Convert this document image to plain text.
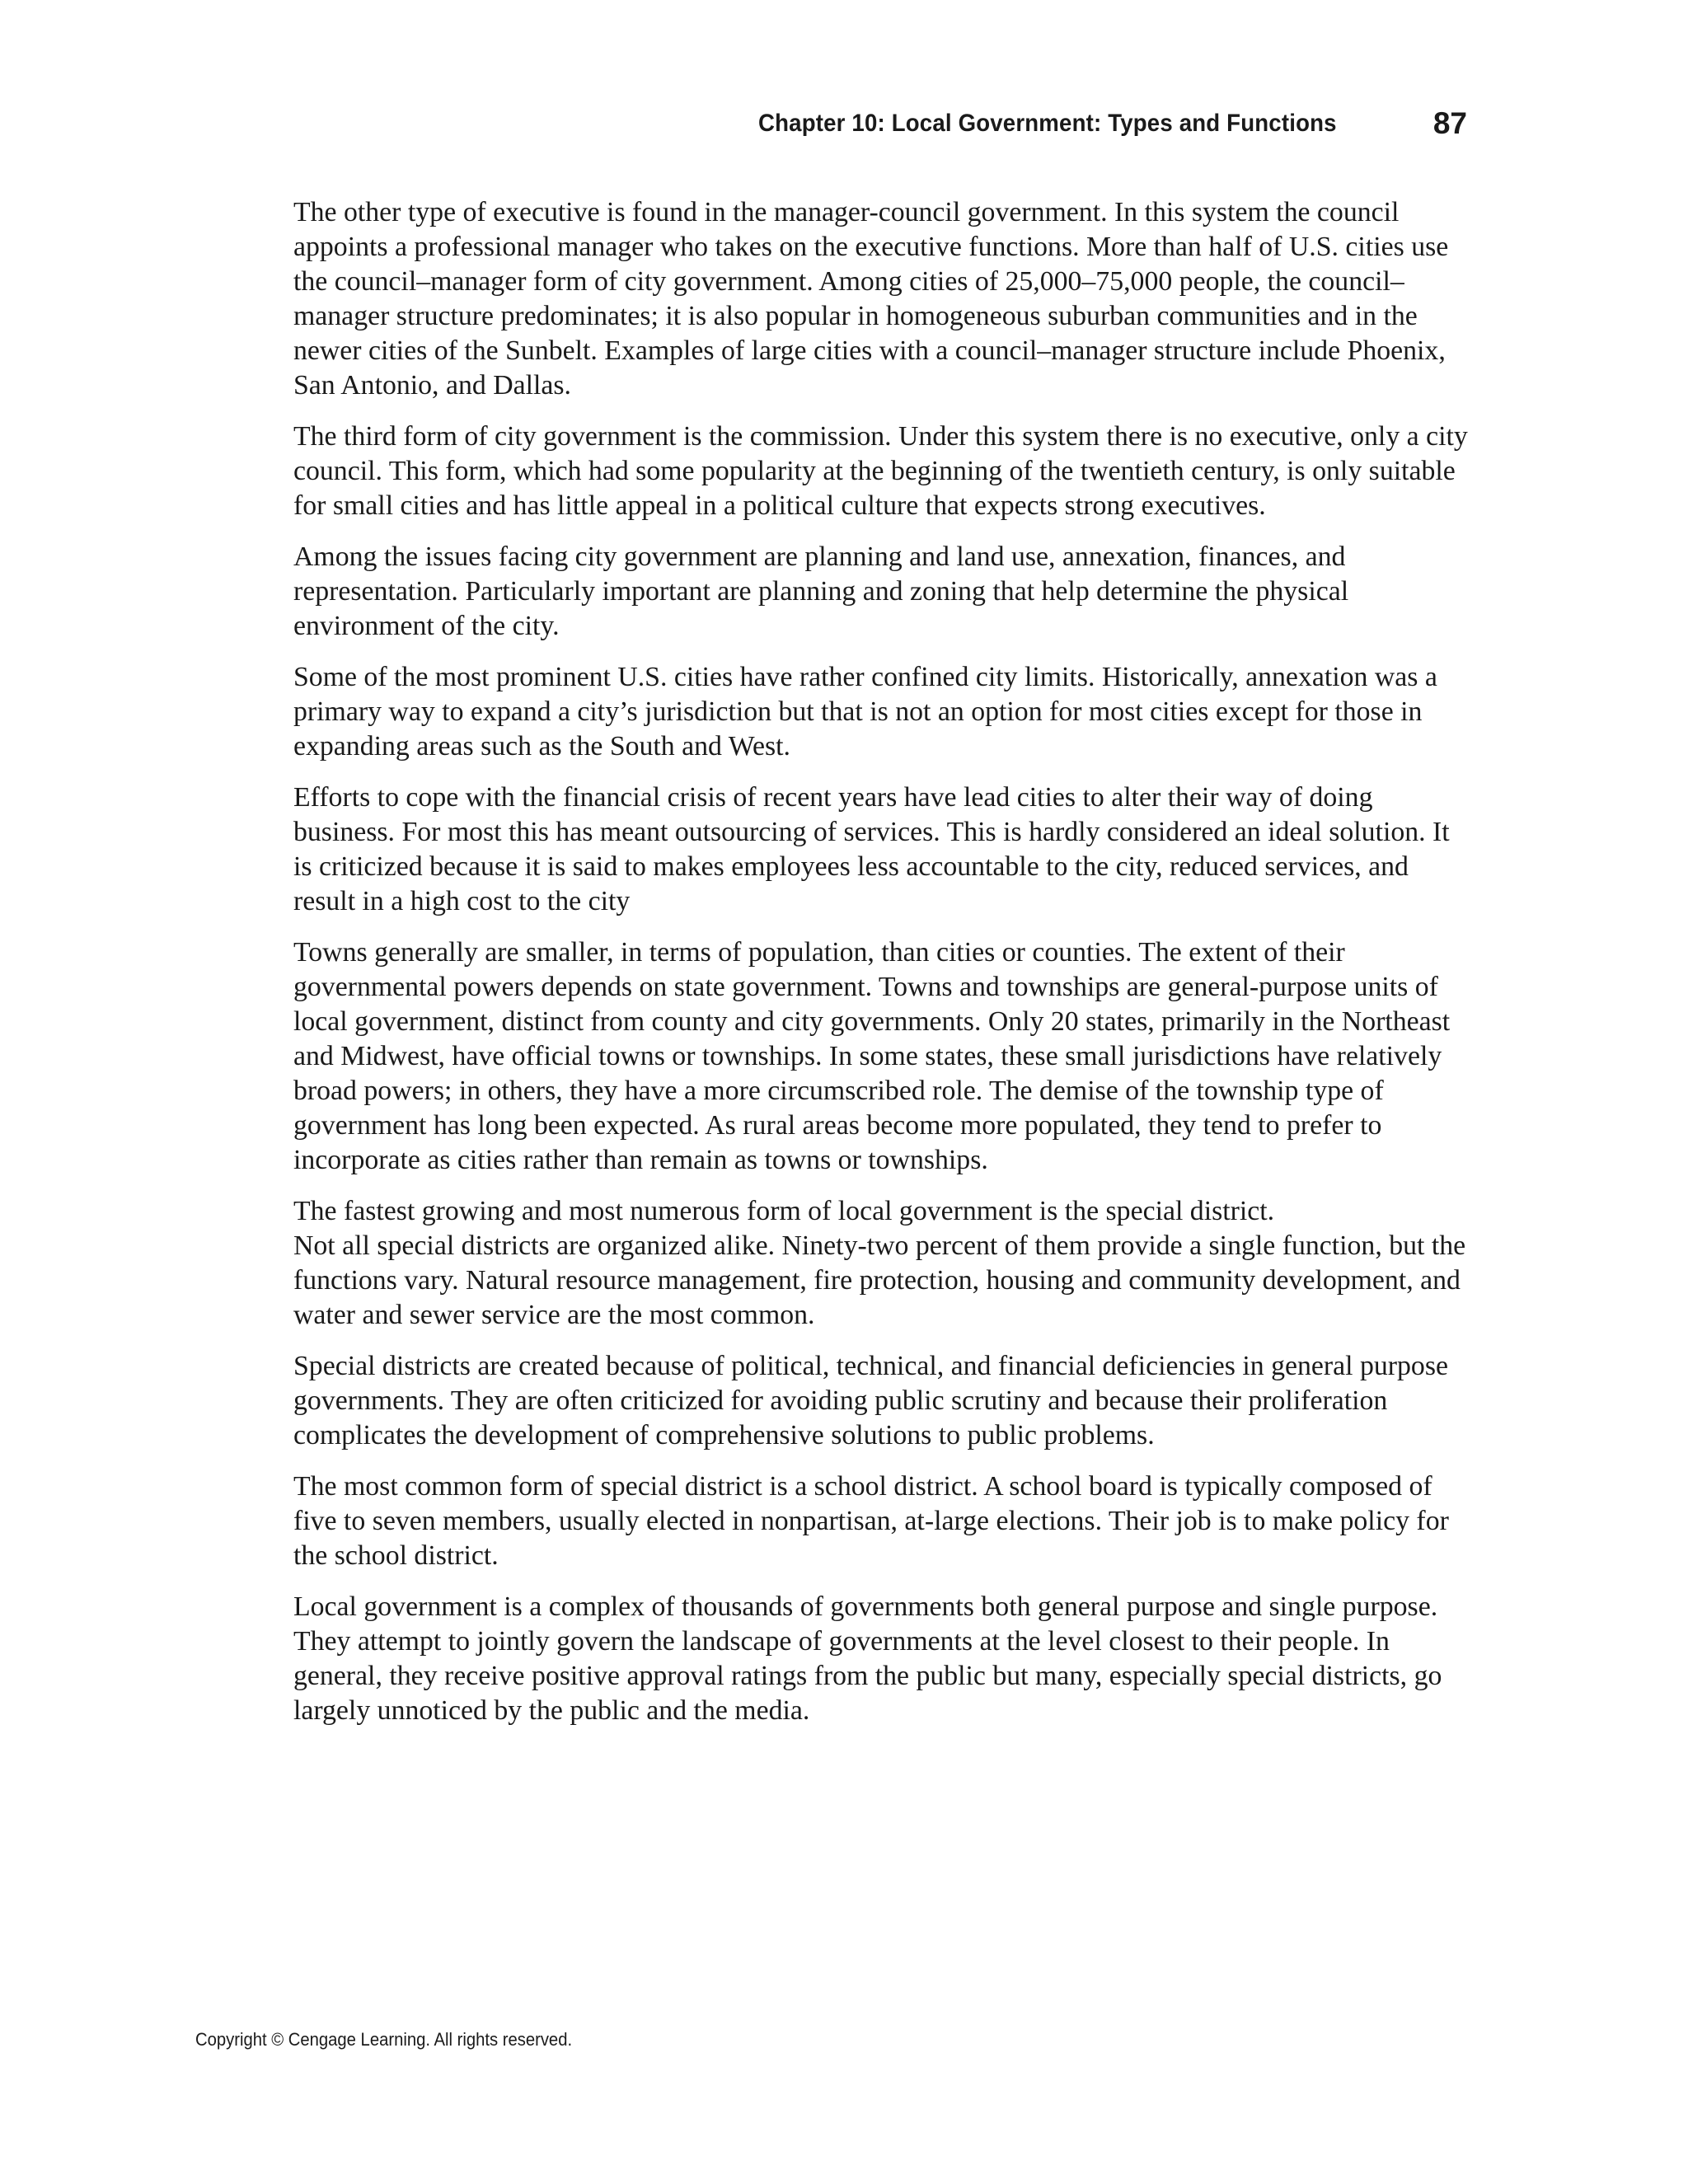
Chapter 10: Local Government: Types and Functions	87

The other type of executive is found in the manager-council government. In this system the council appoints a professional manager who takes on the executive functions. More than half of U.S. cities use the council–manager form of city government. Among cities of 25,000–75,000 people, the council–manager structure predominates; it is also popular in homogeneous suburban communities and in the newer cities of the Sunbelt. Examples of large cities with a council–manager structure include Phoenix, San Antonio, and Dallas.

The third form of city government is the commission. Under this system there is no executive, only a city council. This form, which had some popularity at the beginning of the twentieth century, is only suitable for small cities and has little appeal in a political culture that expects strong executives.

Among the issues facing city government are planning and land use, annexation, finances, and representation. Particularly important are planning and zoning that help determine the physical environment of the city.

Some of the most prominent U.S. cities have rather confined city limits. Historically, annexation was a primary way to expand a city’s jurisdiction but that is not an option for most cities except for those in expanding areas such as the South and West.

Efforts to cope with the financial crisis of recent years have lead cities to alter their way of doing business. For most this has meant outsourcing of services. This is hardly considered an ideal solution. It is criticized because it is said to makes employees less accountable to the city, reduced services, and result in a high cost to the city

Towns generally are smaller, in terms of population, than cities or counties. The extent of their governmental powers depends on state government. Towns and townships are general-purpose units of local government, distinct from county and city governments. Only 20 states, primarily in the Northeast and Midwest, have official towns or townships. In some states, these small jurisdictions have relatively broad powers; in others, they have a more circumscribed role. The demise of the township type of government has long been expected. As rural areas become more populated, they tend to prefer to incorporate as cities rather than remain as towns or townships.

The fastest growing and most numerous form of local government is the special district.
Not all special districts are organized alike. Ninety-two percent of them provide a single function, but the functions vary. Natural resource management, fire protection, housing and community development, and water and sewer service are the most common.

Special districts are created because of political, technical, and financial deficiencies in general purpose governments. They are often criticized for avoiding public scrutiny and because their proliferation complicates the development of comprehensive solutions to public problems.

The most common form of special district is a school district. A school board is typically composed of five to seven members, usually elected in nonpartisan, at-large elections. Their job is to make policy for the school district.

Local government is a complex of thousands of governments both general purpose and single purpose. They attempt to jointly govern the landscape of governments at the level closest to their people. In general, they receive positive approval ratings from the public but many, especially special districts, go largely unnoticed by the public and the media.

Copyright © Cengage Learning. All rights reserved.
